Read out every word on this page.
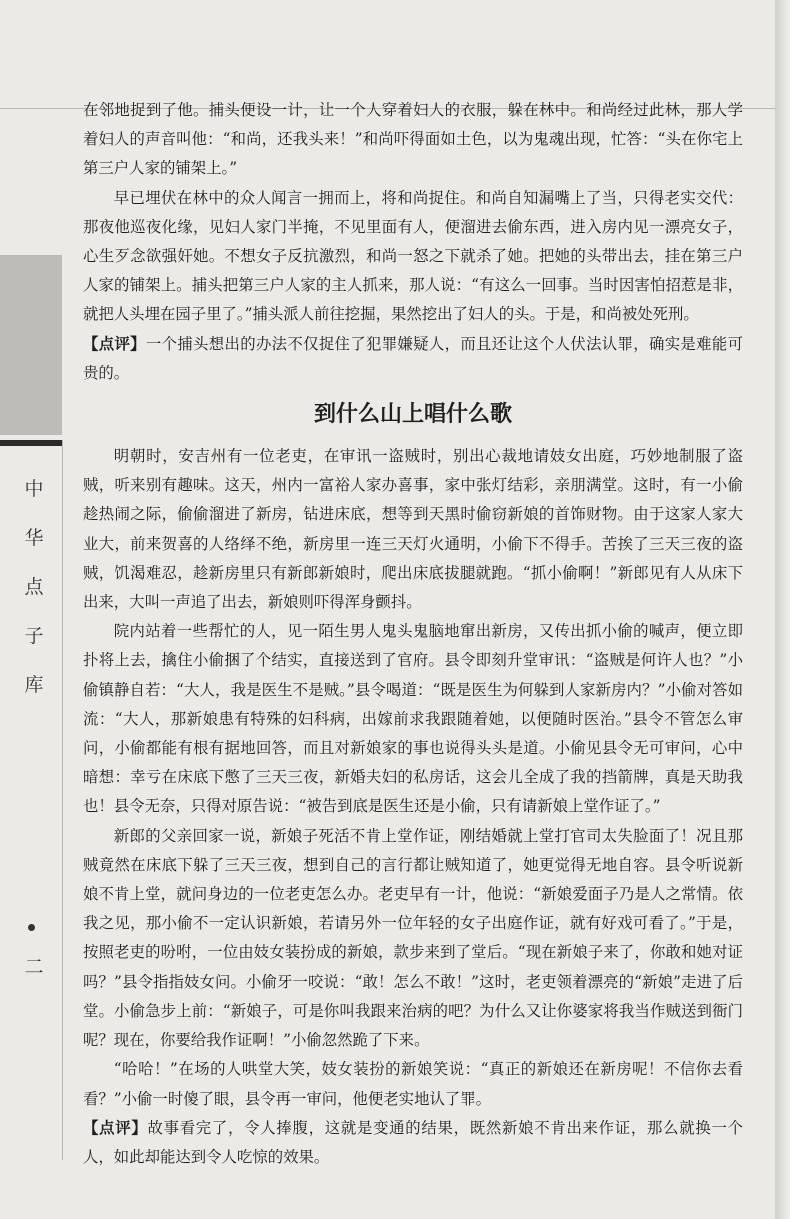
中
华
点
子
库
二

在邻地捉到了他。捕头便设一计，让一个人穿着妇人的衣服，躲在林中。和尚经过此林，那人学着妇人的声音叫他：“和尚，还我头来！”和尚吓得面如土色，以为鬼魂出现，忙答：“头在你宅上第三户人家的铺架上。”

早已埋伏在林中的众人闻言一拥而上，将和尚捉住。和尚自知漏嘴上了当，只得老实交代：那夜他巡夜化缘，见妇人家门半掩，不见里面有人，便溜进去偷东西，进入房内见一漂亮女子，心生歹念欲强奸她。不想女子反抗激烈，和尚一怒之下就杀了她。把她的头带出去，挂在第三户人家的铺架上。捕头把第三户人家的主人抓来，那人说：“有这么一回事。当时因害怕招惹是非，就把人头埋在园子里了。”捕头派人前往挖掘，果然挖出了妇人的头。于是，和尚被处死刑。

【点评】一个捕头想出的办法不仅捉住了犯罪嫌疑人，而且还让这个人伏法认罪，确实是难能可贵的。

到什么山上唱什么歌

明朝时，安吉州有一位老吏，在审讯一盗贼时，别出心裁地请妓女出庭，巧妙地制服了盗贼，听来别有趣味。这天，州内一富裕人家办喜事，家中张灯结彩，亲朋满堂。这时，有一小偷趁热闹之际，偷偷溜进了新房，钻进床底，想等到天黑时偷窃新娘的首饰财物。由于这家人家大业大，前来贺喜的人络绎不绝，新房里一连三天灯火通明，小偷下不得手。苦挨了三天三夜的盗贼，饥渴难忍，趁新房里只有新郎新娘时，爬出床底拔腿就跑。“抓小偷啊！”新郎见有人从床下出来，大叫一声追了出去，新娘则吓得浑身颤抖。

院内站着一些帮忙的人，见一陌生男人鬼头鬼脑地窜出新房，又传出抓小偷的喊声，便立即扑将上去，擒住小偷捆了个结实，直接送到了官府。县令即刻升堂审讯：“盗贼是何许人也？”小偷镇静自若：“大人，我是医生不是贼。”县令喝道：“既是医生为何躲到人家新房内？”小偷对答如流：“大人，那新娘患有特殊的妇科病，出嫁前求我跟随着她，以便随时医治。”县令不管怎么审问，小偷都能有根有据地回答，而且对新娘家的事也说得头头是道。小偷见县令无可审问，心中暗想：幸亏在床底下憋了三天三夜，新婚夫妇的私房话，这会儿全成了我的挡箭牌，真是天助我也！县令无奈，只得对原告说：“被告到底是医生还是小偷，只有请新娘上堂作证了。”

新郎的父亲回家一说，新娘子死活不肯上堂作证，刚结婚就上堂打官司太失脸面了！况且那贼竟然在床底下躲了三天三夜，想到自己的言行都让贼知道了，她更觉得无地自容。县令听说新娘不肯上堂，就问身边的一位老吏怎么办。老吏早有一计，他说：“新娘爱面子乃是人之常情。依我之见，那小偷不一定认识新娘，若请另外一位年轻的女子出庭作证，就有好戏可看了。”于是，按照老吏的吩咐，一位由妓女装扮成的新娘，款步来到了堂后。“现在新娘子来了，你敢和她对证吗？”县令指指妓女问。小偷牙一咬说：“敢！怎么不敢！”这时，老吏领着漂亮的“新娘”走进了后堂。小偷急步上前：“新娘子，可是你叫我跟来治病的吧？为什么又让你婆家将我当作贼送到衙门呢？现在，你要给我作证啊！”小偷忽然跪了下来。

“哈哈！”在场的人哄堂大笑，妓女装扮的新娘笑说：“真正的新娘还在新房呢！不信你去看看？”小偷一时傻了眼，县令再一审问，他便老实地认了罪。

【点评】故事看完了，令人捧腹，这就是变通的结果，既然新娘不肯出来作证，那么就换一个人，如此却能达到令人吃惊的效果。
